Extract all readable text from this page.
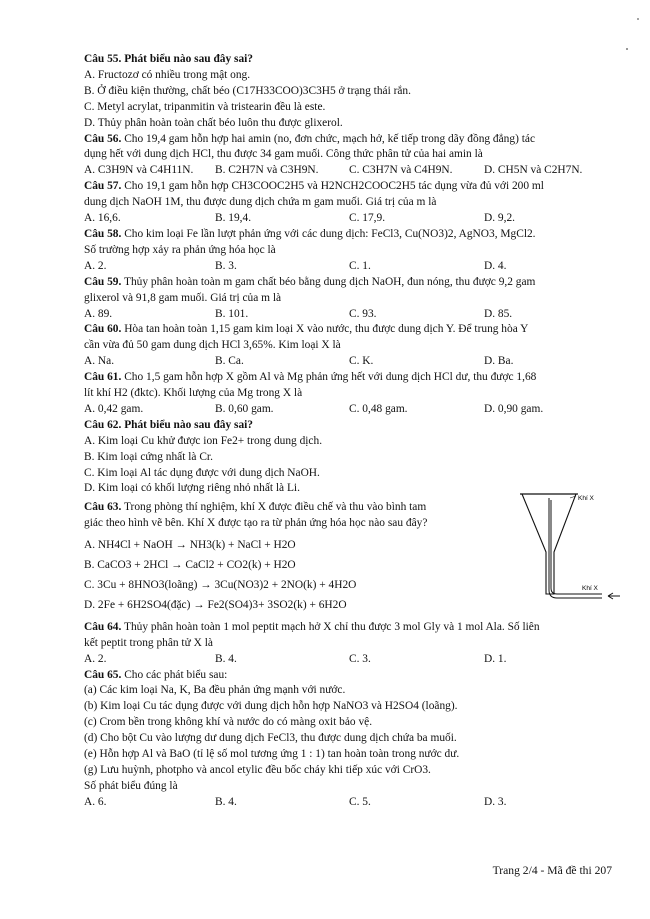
Câu 55. Phát biểu nào sau đây sai?
A. Fructozơ có nhiều trong mật ong.
B. Ở điều kiện thường, chất béo (C17H33COO)3C3H5 ở trạng thái rắn.
C. Metyl acrylat, tripanmitin và tristearin đều là este.
D. Thủy phân hoàn toàn chất béo luôn thu được glixerol.
Câu 56. Cho 19,4 gam hỗn hợp hai amin (no, đơn chức, mạch hở, kế tiếp trong dãy đồng đẳng) tác
dụng hết với dung dịch HCl, thu được 34 gam muối. Công thức phân tử của hai amin là
A. C3H9N và C4H11N.	B. C2H7N và C3H9N.	C. C3H7N và C4H9N.	D. CH5N và C2H7N.
Câu 57. Cho 19,1 gam hỗn hợp CH3COOC2H5 và H2NCH2COOC2H5 tác dụng vừa đủ với 200 ml
dung dịch NaOH 1M, thu được dung dịch chứa m gam muối. Giá trị của m là
A. 16,6.	B. 19,4.	C. 17,9.	D. 9,2.
Câu 58. Cho kim loại Fe lần lượt phản ứng với các dung dịch: FeCl3, Cu(NO3)2, AgNO3, MgCl2.
Số trường hợp xảy ra phản ứng hóa học là
A. 2.	B. 3.	C. 1.	D. 4.
Câu 59. Thủy phân hoàn toàn m gam chất béo bằng dung dịch NaOH, đun nóng, thu được 9,2 gam
glixerol và 91,8 gam muối. Giá trị của m là
A. 89.	B. 101.	C. 93.	D. 85.
Câu 60. Hòa tan hoàn toàn 1,15 gam kim loại X vào nước, thu được dung dịch Y. Để trung hòa Y
cần vừa đủ 50 gam dung dịch HCl 3,65%. Kim loại X là
A. Na.	B. Ca.	C. K.	D. Ba.
Câu 61. Cho 1,5 gam hỗn hợp X gồm Al và Mg phản ứng hết với dung dịch HCl dư, thu được 1,68
lít khí H2 (đktc). Khối lượng của Mg trong X là
A. 0,42 gam.	B. 0,60 gam.	C. 0,48 gam.	D. 0,90 gam.
Câu 62. Phát biểu nào sau đây sai?
A. Kim loại Cu khử được ion Fe2+ trong dung dịch.
B. Kim loại cứng nhất là Cr.
C. Kim loại Al tác dụng được với dung dịch NaOH.
D. Kim loại có khối lượng riêng nhỏ nhất là Li.
Câu 63. Trong phòng thí nghiệm, khí X được điều chế và thu vào bình tam
giác theo hình vẽ bên. Khí X được tạo ra từ phản ứng hóa học nào sau đây?
A. NH4Cl + NaOH → NH3(k) + NaCl + H2O
B. CaCO3 + 2HCl → CaCl2 + CO2(k) + H2O
C. 3Cu + 8HNO3(loãng) → 3Cu(NO3)2 + 2NO(k) + 4H2O
D. 2Fe + 6H2SO4(đặc) → Fe2(SO4)3+ 3SO2(k) + 6H2O
Khí X
Khí X
Câu 64. Thủy phân hoàn toàn 1 mol peptit mạch hở X chỉ thu được 3 mol Gly và 1 mol Ala. Số liên
kết peptit trong phân tử X là
A. 2.	B. 4.	C. 3.	D. 1.
Câu 65. Cho các phát biểu sau:
(a) Các kim loại Na, K, Ba đều phản ứng mạnh với nước.
(b) Kim loại Cu tác dụng được với dung dịch hỗn hợp NaNO3 và H2SO4 (loãng).
(c) Crom bền trong không khí và nước do có màng oxit bảo vệ.
(d) Cho bột Cu vào lượng dư dung dịch FeCl3, thu được dung dịch chứa ba muối.
(e) Hỗn hợp Al và BaO (tỉ lệ số mol tương ứng 1 : 1) tan hoàn toàn trong nước dư.
(g) Lưu huỳnh, photpho và ancol etylic đều bốc cháy khi tiếp xúc với CrO3.
Số phát biểu đúng là
A. 6.	B. 4.	C. 5.	D. 3.
Trang 2/4 - Mã đề thi 207
